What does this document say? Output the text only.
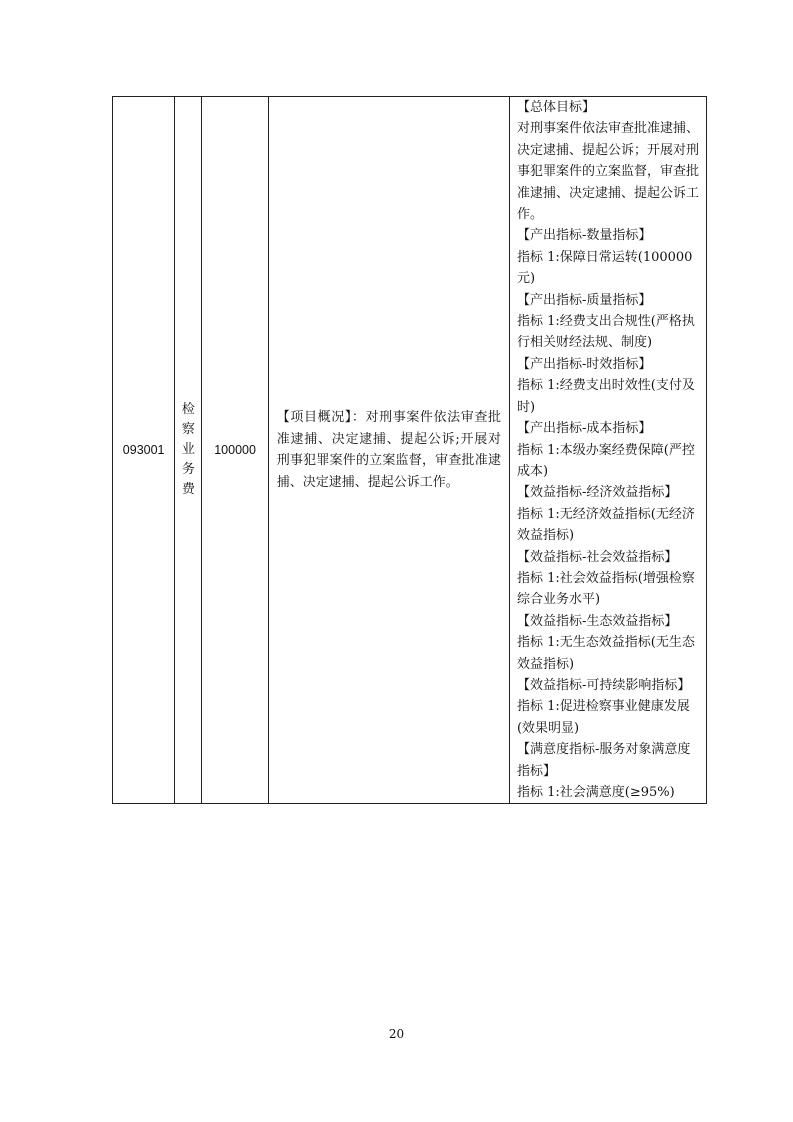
093001	检察业务费	100000	
【项目概况】：对刑事案件依法审查批准逮捕、决定逮捕、提起公诉;开展对刑事犯罪案件的立案监督，审查批准逮捕、决定逮捕、提起公诉工作。

【总体目标】
对刑事案件依法审查批准逮捕、
决定逮捕、提起公诉；开展对刑
事犯罪案件的立案监督，审查批
准逮捕、决定逮捕、提起公诉工
作。
【产出指标-数量指标】
指标 1:保障日常运转(100000
元)
【产出指标-质量指标】
指标 1:经费支出合规性(严格执
行相关财经法规、制度)
【产出指标-时效指标】
指标 1:经费支出时效性(支付及
时)
【产出指标-成本指标】
指标 1:本级办案经费保障(严控
成本)
【效益指标-经济效益指标】
指标 1:无经济效益指标(无经济
效益指标)
【效益指标-社会效益指标】
指标 1:社会效益指标(增强检察
综合业务水平)
【效益指标-生态效益指标】
指标 1:无生态效益指标(无生态
效益指标)
【效益指标-可持续影响指标】
指标 1:促进检察事业健康发展
(效果明显)
【满意度指标-服务对象满意度
指标】
指标 1:社会满意度(≥95%)
20
